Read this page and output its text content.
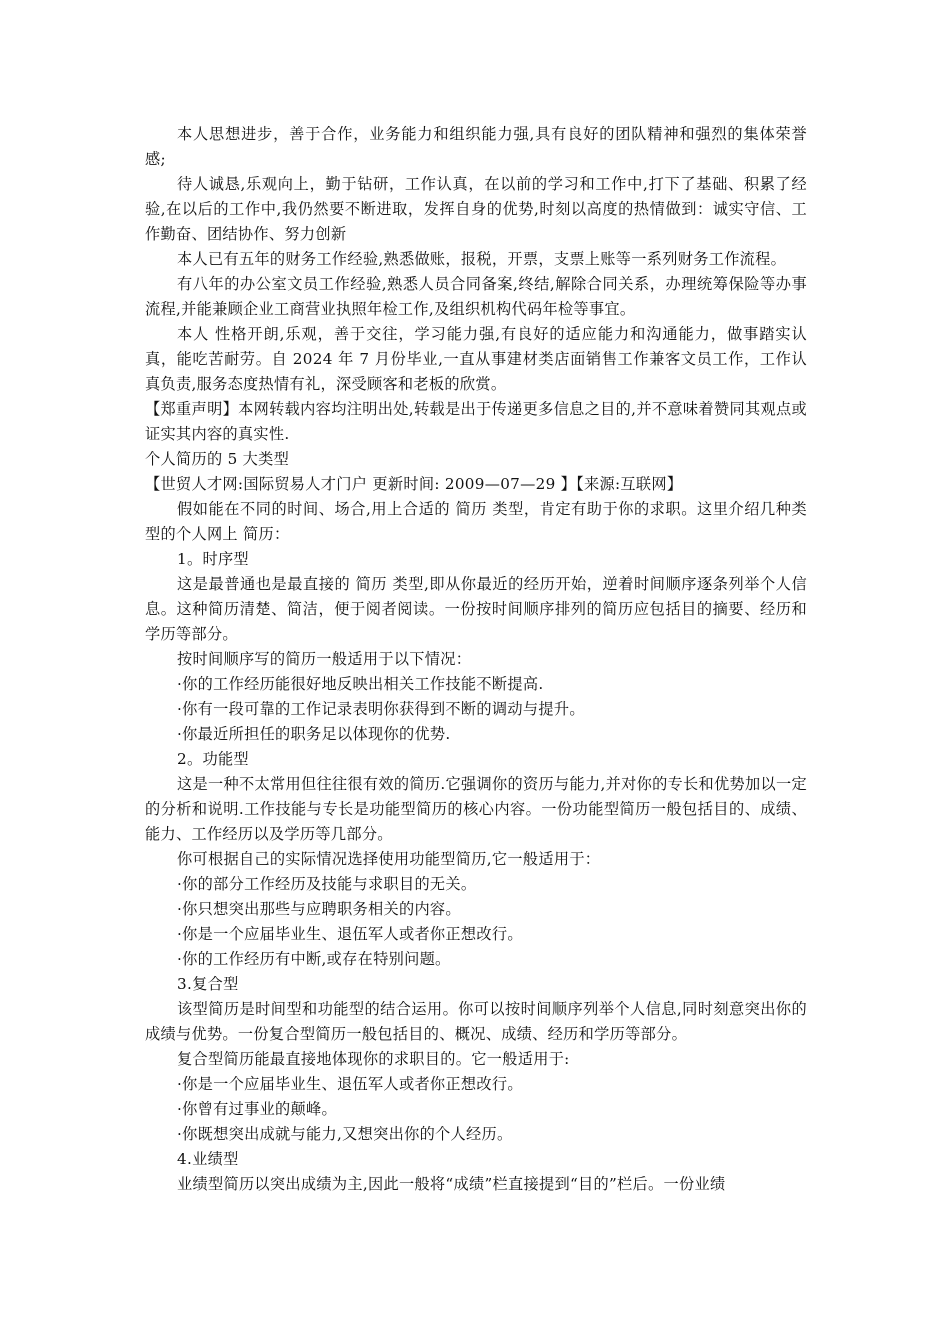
本人思想进步，善于合作，业务能力和组织能力强,具有良好的团队精神和强烈的集体荣誉感;

待人诚恳,乐观向上，勤于钻研，工作认真，在以前的学习和工作中,打下了基础、积累了经验,在以后的工作中,我仍然要不断进取，发挥自身的优势,时刻以高度的热情做到：诚实守信、工作勤奋、团结协作、努力创新

本人已有五年的财务工作经验,熟悉做账，报税，开票，支票上账等一系列财务工作流程。

有八年的办公室文员工作经验,熟悉人员合同备案,终结,解除合同关系，办理统筹保险等办事流程,并能兼顾企业工商营业执照年检工作,及组织机构代码年检等事宜。

本人 性格开朗,乐观，善于交往，学习能力强,有良好的适应能力和沟通能力，做事踏实认真，能吃苦耐劳。自 2024 年 7 月份毕业,一直从事建材类店面销售工作兼客文员工作，工作认真负责,服务态度热情有礼，深受顾客和老板的欣赏。

【郑重声明】本网转载内容均注明出处,转载是出于传递更多信息之目的,并不意味着赞同其观点或证实其内容的真实性.

个人简历的 5 大类型

【世贸人才网:国际贸易人才门户 更新时间: 2009—07—29 】【来源:互联网】

假如能在不同的时间、场合,用上合适的 简历 类型，肯定有助于你的求职。这里介绍几种类型的个人网上 简历：

1。时序型

这是最普通也是最直接的 简历 类型,即从你最近的经历开始，逆着时间顺序逐条列举个人信息。这种简历清楚、简洁，便于阅者阅读。一份按时间顺序排列的简历应包括目的摘要、经历和学历等部分。

按时间顺序写的简历一般适用于以下情况：

·你的工作经历能很好地反映出相关工作技能不断提高.

·你有一段可靠的工作记录表明你获得到不断的调动与提升。

·你最近所担任的职务足以体现你的优势.

2。功能型

这是一种不太常用但往往很有效的简历.它强调你的资历与能力,并对你的专长和优势加以一定的分析和说明.工作技能与专长是功能型简历的核心内容。一份功能型简历一般包括目的、成绩、能力、工作经历以及学历等几部分。

你可根据自己的实际情况选择使用功能型简历,它一般适用于：

·你的部分工作经历及技能与求职目的无关。

·你只想突出那些与应聘职务相关的内容。

·你是一个应届毕业生、退伍军人或者你正想改行。

·你的工作经历有中断,或存在特别问题。

3.复合型

该型简历是时间型和功能型的结合运用。你可以按时间顺序列举个人信息,同时刻意突出你的成绩与优势。一份复合型简历一般包括目的、概况、成绩、经历和学历等部分。

复合型简历能最直接地体现你的求职目的。它一般适用于:

·你是一个应届毕业生、退伍军人或者你正想改行。

·你曾有过事业的颠峰。

·你既想突出成就与能力,又想突出你的个人经历。

4.业绩型

业绩型简历以突出成绩为主,因此一般将“成绩”栏直接提到“目的”栏后。一份业绩
